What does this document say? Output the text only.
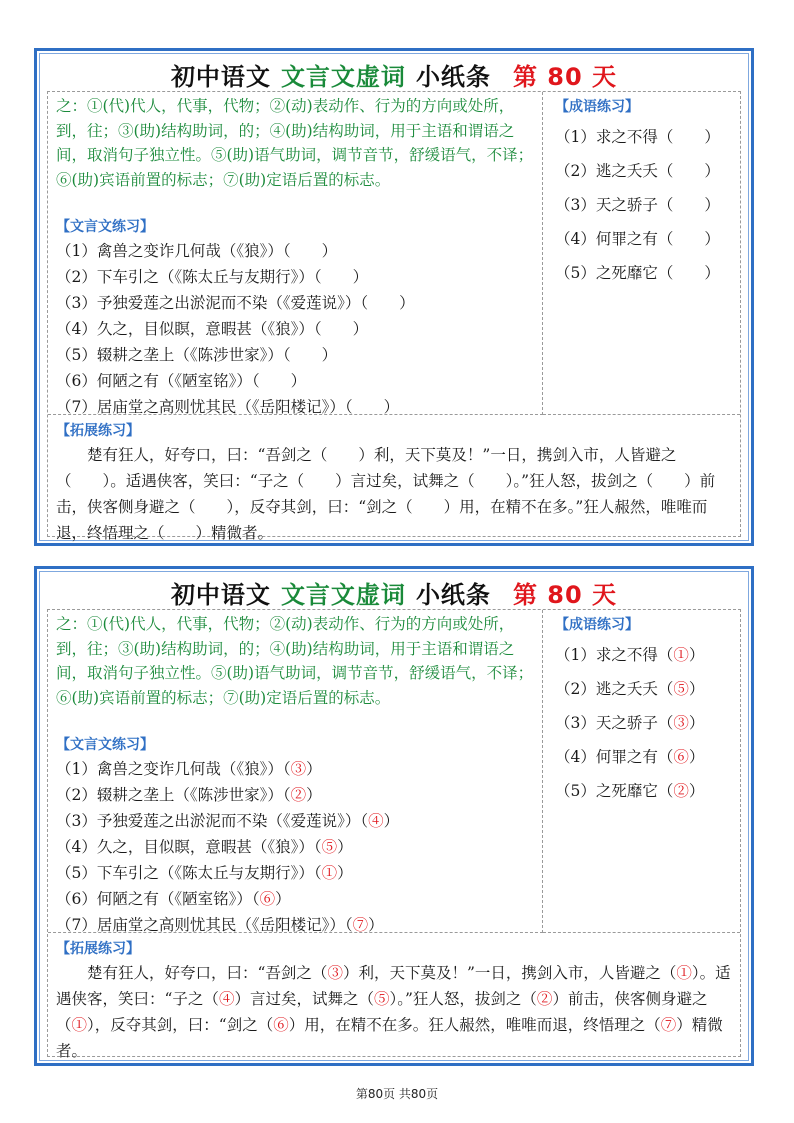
初中语文 文言文虚词 小纸条 第 80 天
之：①(代)代人，代事，代物；②(动)表动作、行为的方向或处所，到，往；③(助)结构助词，的；④(助)结构助词，用于主语和谓语之间，取消句子独立性。⑤(助)语气助词，调节音节，舒缓语气，不译；⑥(助)宾语前置的标志；⑦(助)定语后置的标志。
【文言文练习】
（1）禽兽之变诈几何哉（《狼》）（　　）
（2）下车引之（《陈太丘与友期行》）（　　）
（3）予独爱莲之出淤泥而不染（《爱莲说》）（　　）
（4）久之，目似瞑，意暇甚（《狼》）（　　）
（5）辍耕之垄上（《陈涉世家》）（　　）
（6）何陋之有（《陋室铭》）（　　）
（7）居庙堂之高则忧其民（《岳阳楼记》）（　　）
【成语练习】
（1）求之不得（　　）
（2）逃之夭夭（　　）
（3）天之骄子（　　）
（4）何罪之有（　　）
（5）之死靡它（　　）
【拓展练习】
楚有狂人，好夸口，曰：“吾剑之（　　）利，天下莫及！”一日，携剑入市，人皆避之（　　）。适遇侠客，笑曰：“子之（　　）言过矣，试舞之（　　）。”狂人怒，拔剑之（　　）前击，侠客侧身避之（　　），反夺其剑，曰：“剑之（　　）用，在精不在多。”狂人赧然，唯唯而退，终悟理之（　　）精微者。
初中语文 文言文虚词 小纸条 第 80 天
之：①(代)代人，代事，代物；②(动)表动作、行为的方向或处所，到，往；③(助)结构助词，的；④(助)结构助词，用于主语和谓语之间，取消句子独立性。⑤(助)语气助词，调节音节，舒缓语气，不译；⑥(助)宾语前置的标志；⑦(助)定语后置的标志。
【文言文练习】
（1）禽兽之变诈几何哉（《狼》）（③）
（2）辍耕之垄上（《陈涉世家》）（②）
（3）予独爱莲之出淤泥而不染（《爱莲说》）（④）
（4）久之，目似瞑，意暇甚（《狼》）（⑤）
（5）下车引之（《陈太丘与友期行》）（①）
（6）何陋之有（《陋室铭》）（⑥）
（7）居庙堂之高则忧其民（《岳阳楼记》）（⑦）
【成语练习】
（1）求之不得（①）
（2）逃之夭夭（⑤）
（3）天之骄子（③）
（4）何罪之有（⑥）
（5）之死靡它（②）
【拓展练习】
楚有狂人，好夸口，曰：“吾剑之（③）利，天下莫及！”一日，携剑入市，人皆避之（①）。适遇侠客，笑曰：“子之（④）言过矣，试舞之（⑤）。”狂人怒，拔剑之（②）前击，侠客侧身避之（①），反夺其剑，曰：“剑之（⑥）用，在精不在多。狂人赧然，唯唯而退，终悟理之（⑦）精微者。
第80页 共80页
